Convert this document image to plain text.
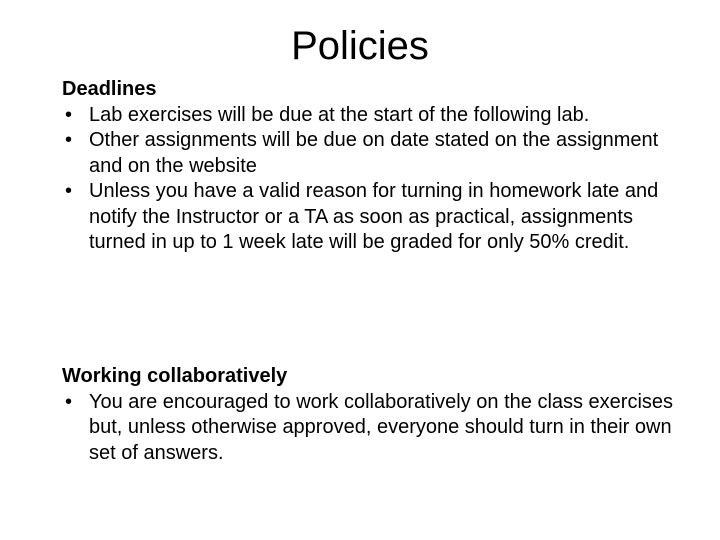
Policies

Deadlines

• Lab exercises will be due at the start of the following lab.
• Other assignments will be due on date stated on the assignment and on the website
• Unless you have a valid reason for turning in homework late and notify the Instructor or a TA as soon as practical, assignments turned in up to 1 week late will be graded for only 50% credit.

Working collaboratively

• You are encouraged to work collaboratively on the class exercises but, unless otherwise approved, everyone should turn in their own set of answers.
